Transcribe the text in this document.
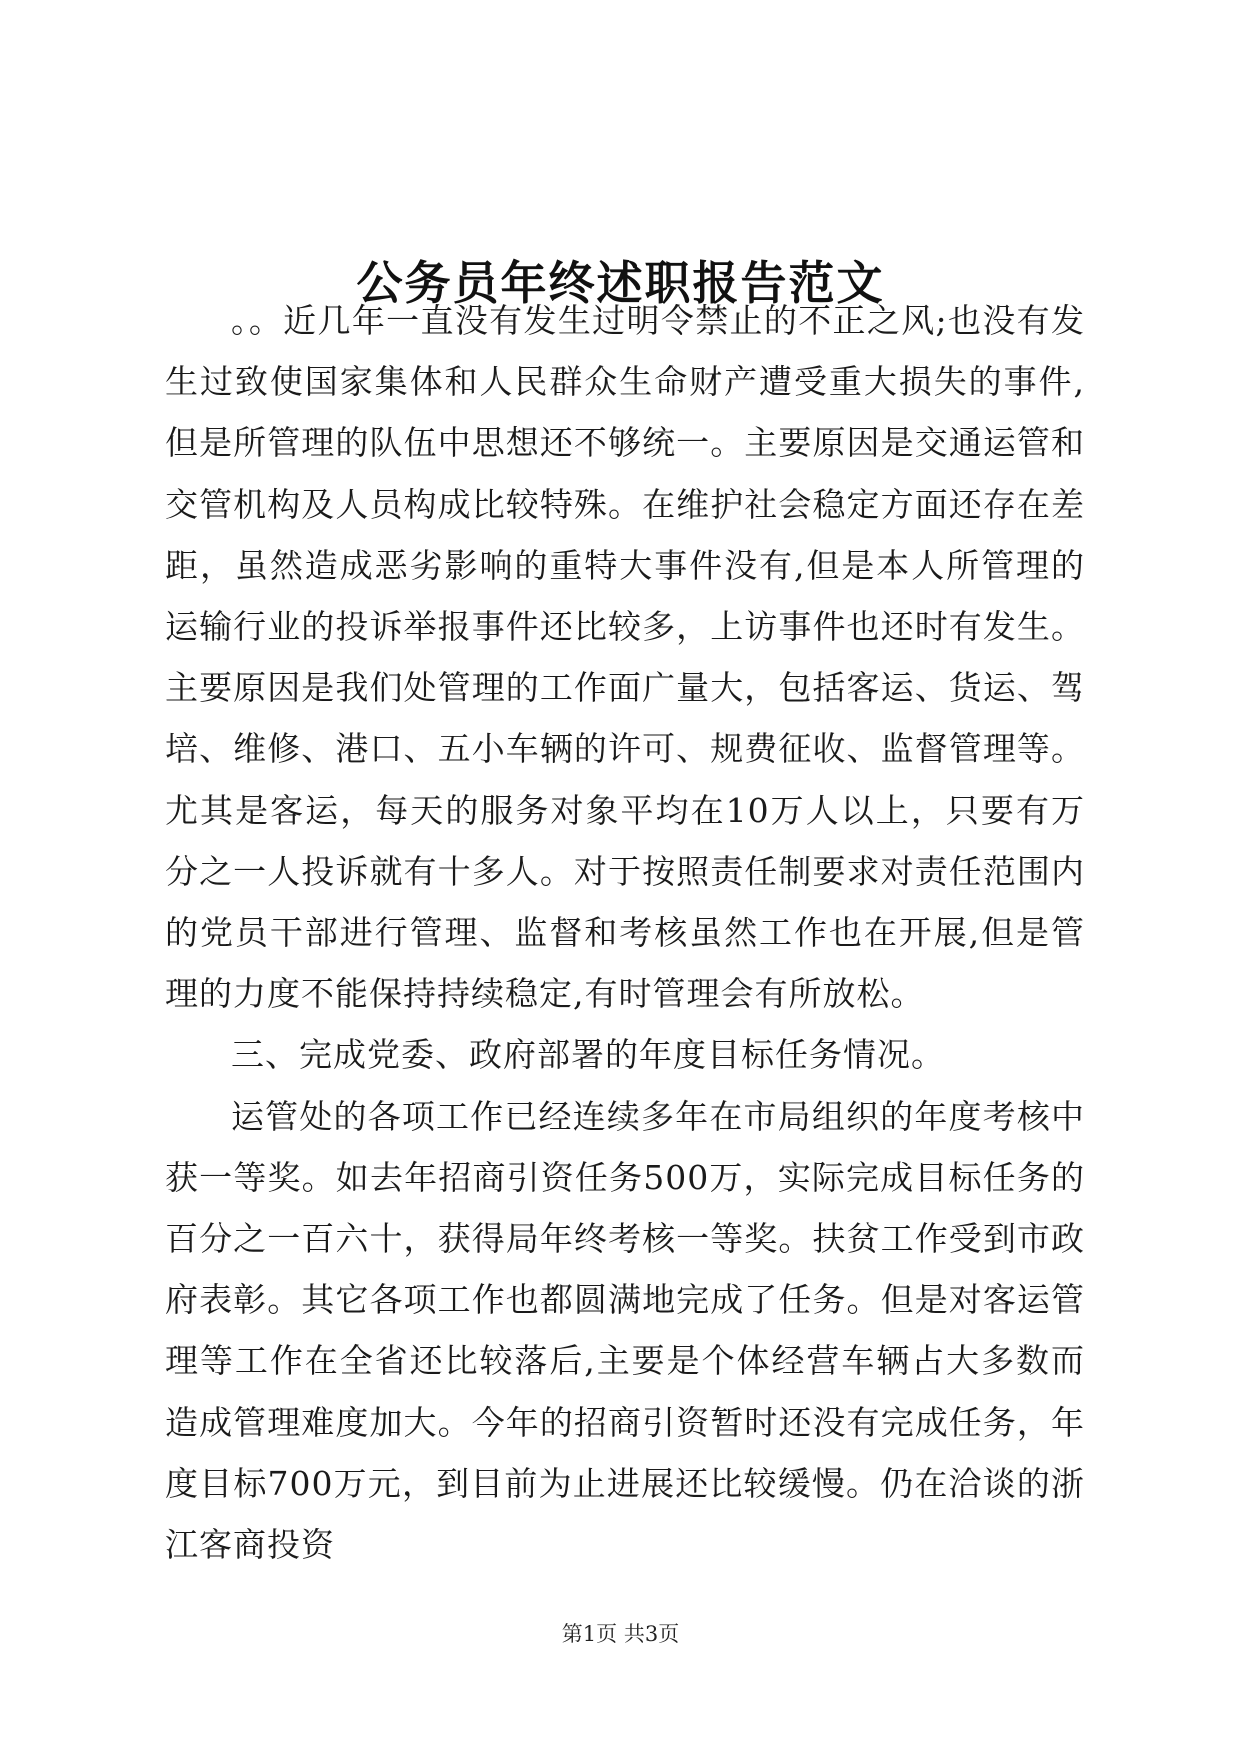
公务员年终述职报告范文

。。近几年一直没有发生过明令禁止的不正之风;也没有发生过致使国家集体和人民群众生命财产遭受重大损失的事件,但是所管理的队伍中思想还不够统一。主要原因是交通运管和交管机构及人员构成比较特殊。在维护社会稳定方面还存在差距，虽然造成恶劣影响的重特大事件没有,但是本人所管理的运输行业的投诉举报事件还比较多，上访事件也还时有发生。主要原因是我们处管理的工作面广量大，包括客运、货运、驾培、维修、港口、五小车辆的许可、规费征收、监督管理等。尤其是客运，每天的服务对象平均在10万人以上，只要有万分之一人投诉就有十多人。对于按照责任制要求对责任范围内的党员干部进行管理、监督和考核虽然工作也在开展,但是管理的力度不能保持持续稳定,有时管理会有所放松。

三、完成党委、政府部署的年度目标任务情况。

运管处的各项工作已经连续多年在市局组织的年度考核中获一等奖。如去年招商引资任务500万，实际完成目标任务的百分之一百六十，获得局年终考核一等奖。扶贫工作受到市政府表彰。其它各项工作也都圆满地完成了任务。但是对客运管理等工作在全省还比较落后,主要是个体经营车辆占大多数而造成管理难度加大。今年的招商引资暂时还没有完成任务，年度目标700万元，到目前为止进展还比较缓慢。仍在洽谈的浙江客商投资

第1页 共3页
